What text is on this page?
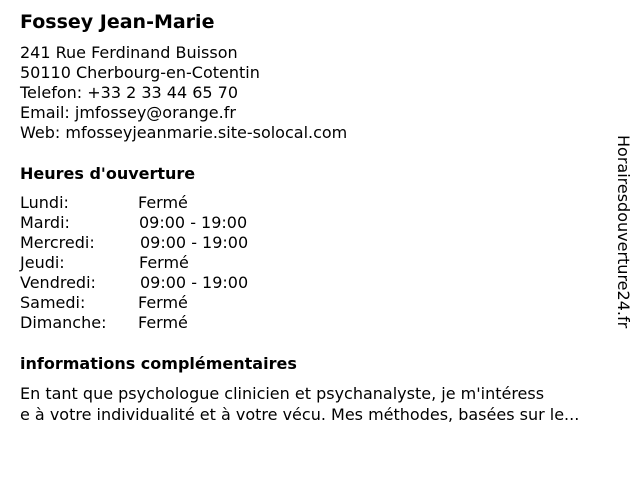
Fossey Jean-Marie
241 Rue Ferdinand Buisson
50110 Cherbourg-en-Cotentin
Telefon: +33 2 33 44 65 70
Email: jmfossey@orange.fr
Web: mfosseyjeanmarie.site-solocal.com
Heures d'ouverture
Lundi:	Fermé
Mardi:	09:00 - 19:00
Mercredi:	09:00 - 19:00
Jeudi:	Fermé
Vendredi:	09:00 - 19:00
Samedi:	Fermé
Dimanche: Fermé
informations complémentaires
En tant que psychologue clinicien et psychanalyste, je m'intéress
e à votre individualité et à votre vécu. Mes méthodes, basées sur le...
Horairesdouverture24.fr
